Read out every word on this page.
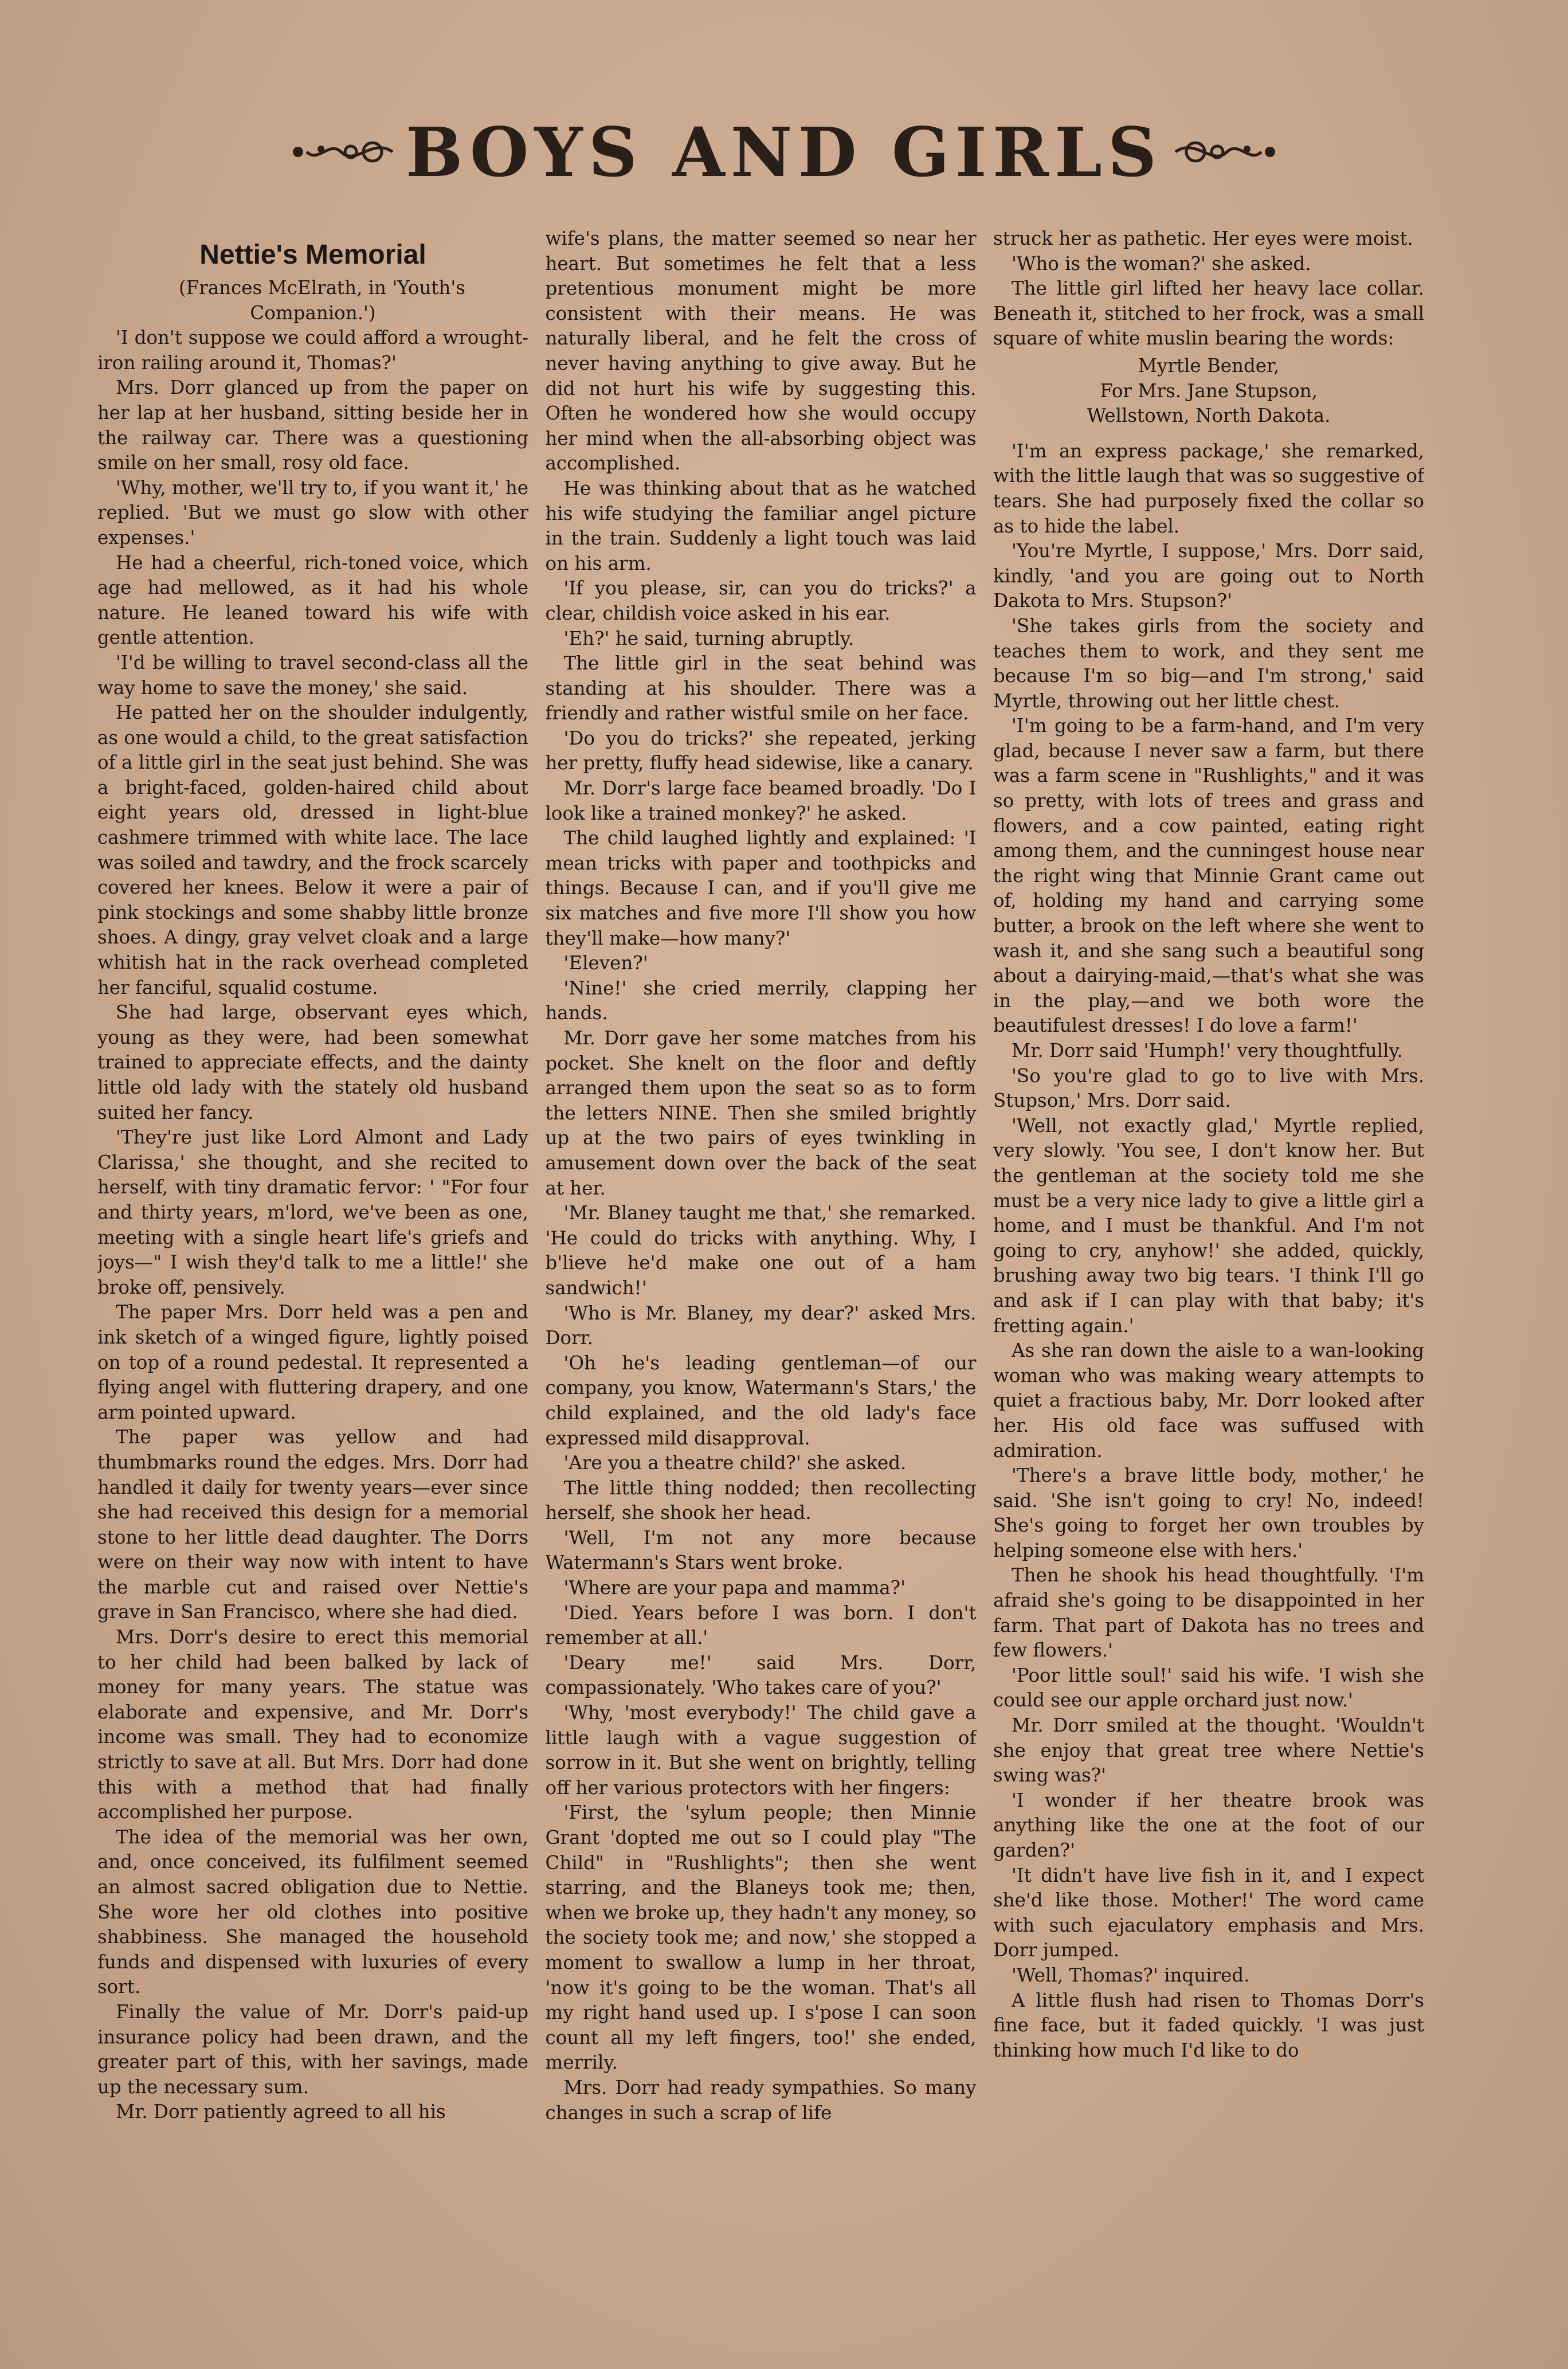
BOYS AND GIRLS
Nettie's Memorial

(Frances McElrath, in 'Youth's Companion.')

'I don't suppose we could afford a wrought-iron railing around it, Thomas?'

Mrs. Dorr glanced up from the paper on her lap at her husband, sitting beside her in the railway car. There was a questioning smile on her small, rosy old face.

'Why, mother, we'll try to, if you want it,' he replied. 'But we must go slow with other expenses.'

He had a cheerful, rich-toned voice, which age had mellowed, as it had his whole nature. He leaned toward his wife with gentle attention.

'I'd be willing to travel second-class all the way home to save the money,' she said.

He patted her on the shoulder indulgently, as one would a child, to the great satisfaction of a little girl in the seat just behind. She was a bright-faced, golden-haired child about eight years old, dressed in light-blue cashmere trimmed with white lace. The lace was soiled and tawdry, and the frock scarcely covered her knees. Below it were a pair of pink stockings and some shabby little bronze shoes. A dingy, gray velvet cloak and a large whitish hat in the rack overhead completed her fanciful, squalid costume.

She had large, observant eyes which, young as they were, had been somewhat trained to appreciate effects, and the dainty little old lady with the stately old husband suited her fancy.

'They're just like Lord Almont and Lady Clarissa,' she thought, and she recited to herself, with tiny dramatic fervor: ' "For four and thirty years, m'lord, we've been as one, meeting with a single heart life's griefs and joys—" I wish they'd talk to me a little!' she broke off, pensively.

The paper Mrs. Dorr held was a pen and ink sketch of a winged figure, lightly poised on top of a round pedestal. It represented a flying angel with fluttering drapery, and one arm pointed upward.

The paper was yellow and had thumbmarks round the edges. Mrs. Dorr had handled it daily for twenty years—ever since she had received this design for a memorial stone to her little dead daughter. The Dorrs were on their way now with intent to have the marble cut and raised over Nettie's grave in San Francisco, where she had died.

Mrs. Dorr's desire to erect this memorial to her child had been balked by lack of money for many years. The statue was elaborate and expensive, and Mr. Dorr's income was small. They had to economize strictly to save at all. But Mrs. Dorr had done this with a method that had finally accomplished her purpose.

The idea of the memorial was her own, and, once conceived, its fulfilment seemed an almost sacred obligation due to Nettie. She wore her old clothes into positive shabbiness. She managed the household funds and dispensed with luxuries of every sort.

Finally the value of Mr. Dorr's paid-up insurance policy had been drawn, and the greater part of this, with her savings, made up the necessary sum.

Mr. Dorr patiently agreed to all his

wife's plans, the matter seemed so near her heart. But sometimes he felt that a less pretentious monument might be more consistent with their means. He was naturally liberal, and he felt the cross of never having anything to give away. But he did not hurt his wife by suggesting this. Often he wondered how she would occupy her mind when the all-absorbing object was accomplished.

He was thinking about that as he watched his wife studying the familiar angel picture in the train. Suddenly a light touch was laid on his arm.

'If you please, sir, can you do tricks?' a clear, childish voice asked in his ear.

'Eh?' he said, turning abruptly.

The little girl in the seat behind was standing at his shoulder. There was a friendly and rather wistful smile on her face.

'Do you do tricks?' she repeated, jerking her pretty, fluffy head sidewise, like a canary.

Mr. Dorr's large face beamed broadly. 'Do I look like a trained monkey?' he asked.

The child laughed lightly and explained: 'I mean tricks with paper and toothpicks and things. Because I can, and if you'll give me six matches and five more I'll show you how they'll make—how many?'

'Eleven?'

'Nine!' she cried merrily, clapping her hands.

Mr. Dorr gave her some matches from his pocket. She knelt on the floor and deftly arranged them upon the seat so as to form the letters NINE. Then she smiled brightly up at the two pairs of eyes twinkling in amusement down over the back of the seat at her.

'Mr. Blaney taught me that,' she remarked. 'He could do tricks with anything. Why, I b'lieve he'd make one out of a ham sandwich!'

'Who is Mr. Blaney, my dear?' asked Mrs. Dorr.

'Oh he's leading gentleman—of our company, you know, Watermann's Stars,' the child explained, and the old lady's face expressed mild disapproval.

'Are you a theatre child?' she asked.

The little thing nodded; then recollecting herself, she shook her head.

'Well, I'm not any more because Watermann's Stars went broke.

'Where are your papa and mamma?'

'Died. Years before I was born. I don't remember at all.'

'Deary me!' said Mrs. Dorr, compassionately. 'Who takes care of you?'

'Why, 'most everybody!' The child gave a little laugh with a vague suggestion of sorrow in it. But she went on brightly, telling off her various protectors with her fingers:

'First, the 'sylum people; then Minnie Grant 'dopted me out so I could play "The Child" in "Rushlights"; then she went starring, and the Blaneys took me; then, when we broke up, they hadn't any money, so the society took me; and now,' she stopped a moment to swallow a lump in her throat, 'now it's going to be the woman. That's all my right hand used up. I s'pose I can soon count all my left fingers, too!' she ended, merrily.

Mrs. Dorr had ready sympathies. So many changes in such a scrap of life

struck her as pathetic. Her eyes were moist.

'Who is the woman?' she asked.

The little girl lifted her heavy lace collar. Beneath it, stitched to her frock, was a small square of white muslin bearing the words:

Myrtle Bender,
For Mrs. Jane Stupson,
Wellstown, North Dakota.

'I'm an express package,' she remarked, with the little laugh that was so suggestive of tears. She had purposely fixed the collar so as to hide the label.

'You're Myrtle, I suppose,' Mrs. Dorr said, kindly, 'and you are going out to North Dakota to Mrs. Stupson?'

'She takes girls from the society and teaches them to work, and they sent me because I'm so big—and I'm strong,' said Myrtle, throwing out her little chest.

'I'm going to be a farm-hand, and I'm very glad, because I never saw a farm, but there was a farm scene in "Rushlights," and it was so pretty, with lots of trees and grass and flowers, and a cow painted, eating right among them, and the cunningest house near the right wing that Minnie Grant came out of, holding my hand and carrying some butter, a brook on the left where she went to wash it, and she sang such a beautiful song about a dairying-maid,—that's what she was in the play,—and we both wore the beautifulest dresses! I do love a farm!'

Mr. Dorr said 'Humph!' very thoughtfully.

'So you're glad to go to live with Mrs. Stupson,' Mrs. Dorr said.

'Well, not exactly glad,' Myrtle replied, very slowly. 'You see, I don't know her. But the gentleman at the society told me she must be a very nice lady to give a little girl a home, and I must be thankful. And I'm not going to cry, anyhow!' she added, quickly, brushing away two big tears. 'I think I'll go and ask if I can play with that baby; it's fretting again.'

As she ran down the aisle to a wan-looking woman who was making weary attempts to quiet a fractious baby, Mr. Dorr looked after her. His old face was suffused with admiration.

'There's a brave little body, mother,' he said. 'She isn't going to cry! No, indeed! She's going to forget her own troubles by helping someone else with hers.'

Then he shook his head thoughtfully. 'I'm afraid she's going to be disappointed in her farm. That part of Dakota has no trees and few flowers.'

'Poor little soul!' said his wife. 'I wish she could see our apple orchard just now.'

Mr. Dorr smiled at the thought. 'Wouldn't she enjoy that great tree where Nettie's swing was?'

'I wonder if her theatre brook was anything like the one at the foot of our garden?'

'It didn't have live fish in it, and I expect she'd like those. Mother!' The word came with such ejaculatory emphasis and Mrs. Dorr jumped.

'Well, Thomas?' inquired.

A little flush had risen to Thomas Dorr's fine face, but it faded quickly. 'I was just thinking how much I'd like to do
